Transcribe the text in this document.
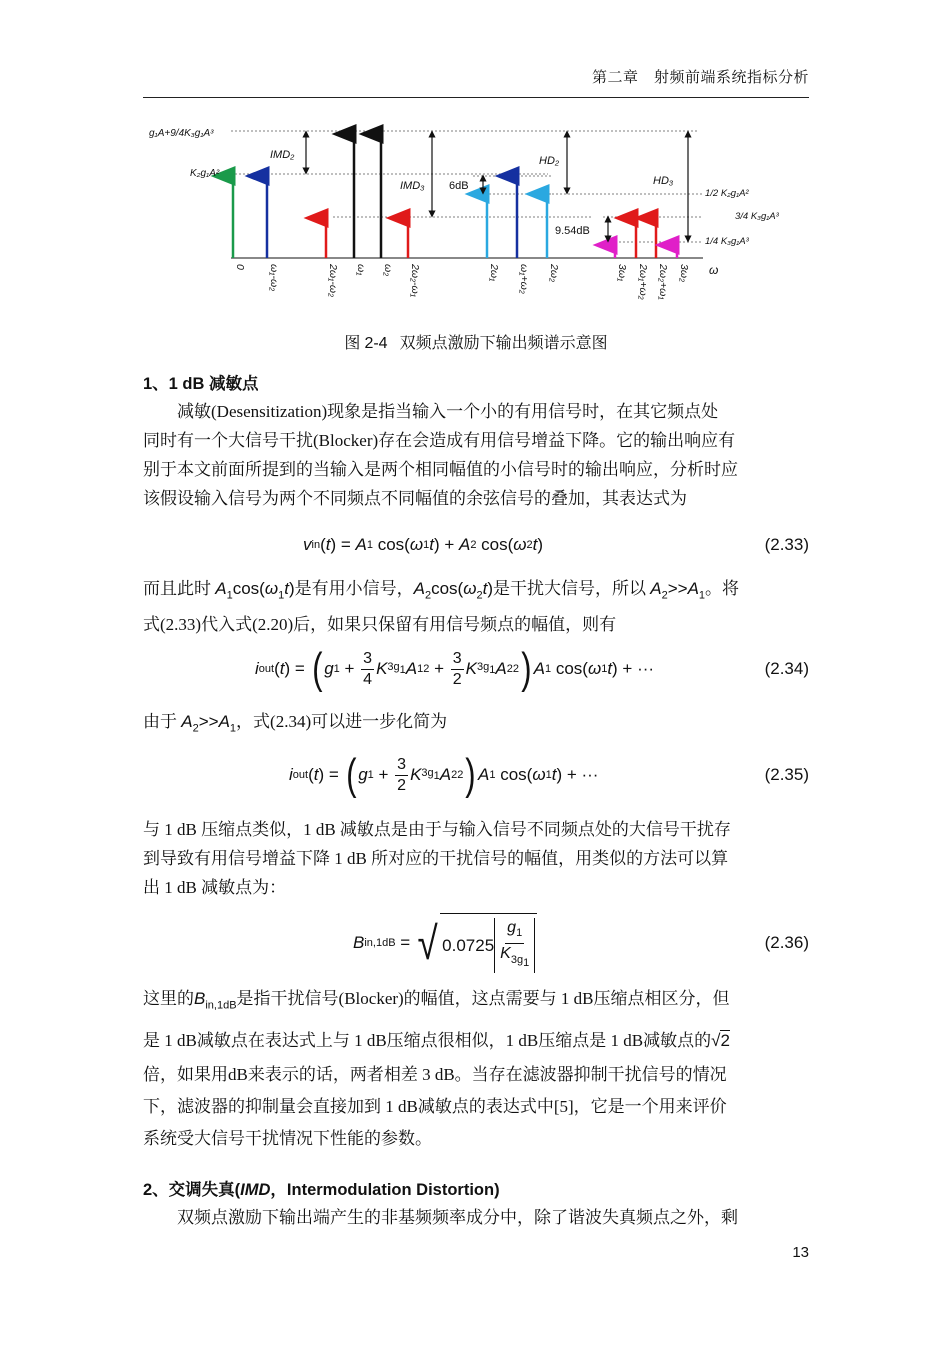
第二章　射频前端系统指标分析
g₁A+9/4K₃g₁A³
K₂g₁A²
IMD₂
IMD₃
HD₂
HD₃
6dB
9.54dB
1/2 K₂g₁A²
3/4 K₃g₁A³
1/4 K₃g₁A³
ω
0 ω₁-ω₂	2ω₁-ω₂ ω₁ ω₂ 2ω₂-ω₁	2ω₁ ω₁+ω₂ 2ω₂	3ω₁ 2ω₁+ω₂ 2ω₂+ω₁ 3ω₂
图 2-4 双频点激励下输出频谱示意图
1、1 dB 减敏点
减敏(Desensitization)现象是指当输入一个小的有用信号时，在其它频点处
同时有一个大信号干扰(Blocker)存在会造成有用信号增益下降。它的输出响应有
别于本文前面所提到的当输入是两个相同幅值的小信号时的输出响应，分析时应
该假设输入信号为两个不同频点不同幅值的余弦信号的叠加，其表达式为
v in ( t ) = A 1 cos( ω 1 t ) + A 2 cos( ω 2 t )	(2.33)
而且此时 $A_1\cos(\omega_1t)$是有用小信号，$A_2\cos(\omega_2t)$是干扰大信号，所以 $A_2>>A_1$。将
式(2.33)代入式(2.20)后，如果只保留有用信号频点的幅值，则有
i out ( t ) = ( g $1 + \frac{3}{4}$ K $3g_1$ A 1 $2 + \frac{3}{2}$ K $3g_1$ A 2 2 ) A 1 cos( ω 1 t ) + ···	(2.34)
由于 $A_2>>A_1$，式(2.34)可以进一步化简为
i out ( t ) = ( g $1 + \frac{3}{2}$ K $3g_1$ A 2 2 ) A 1 cos( ω 1 t ) + ···	(2.35)
与 1 dB 压缩点类似，1 dB 减敏点是由于与输入信号不同频点处的大信号干扰存
到导致有用信号增益下降 1 dB 所对应的干扰信号的幅值，用类似的方法可以算
出 1 dB 减敏点为：
B in,1dB = √ $0.0725 \frac{g_1}{K_{3g_1}}$	(2.36)
这里的$B_{in,1dB}$是指干扰信号(Blocker)的幅值，这点需要与 1 dB压缩点相区分，但
是 1 dB减敏点在表达式上与 1 dB压缩点很相似，1 dB压缩点是 1 dB减敏点的√2
倍，如果用dB来表示的话，两者相差 3 dB。当存在滤波器抑制干扰信号的情况
下，滤波器的抑制量会直接加到 1 dB减敏点的表达式中[5]，它是一个用来评价
系统受大信号干扰情况下性能的参数。
2、交调失真(IMD，Intermodulation Distortion)
双频点激励下输出端产生的非基频频率成分中，除了谐波失真频点之外，剩
13
